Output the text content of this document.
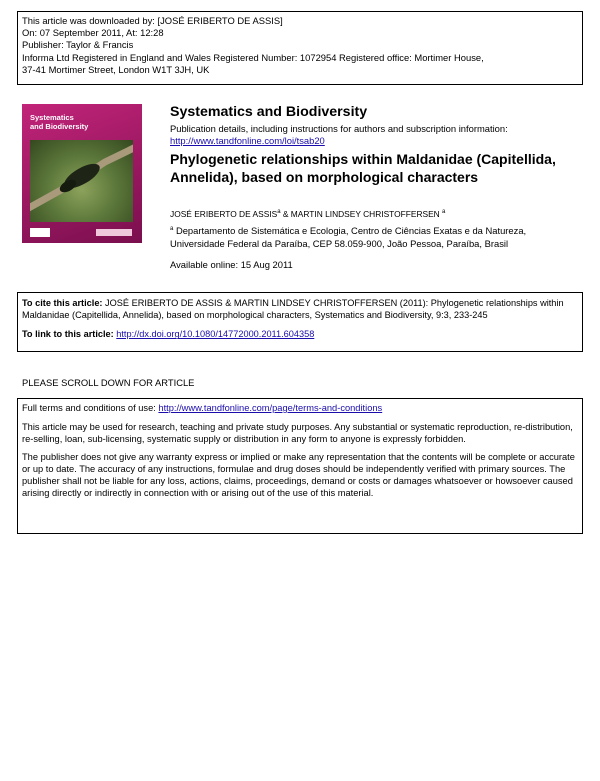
This article was downloaded by: [JOSÉ ERIBERTO DE ASSIS]
On: 07 September 2011, At: 12:28
Publisher: Taylor & Francis
Informa Ltd Registered in England and Wales Registered Number: 1072954 Registered office: Mortimer House,
37-41 Mortimer Street, London W1T 3JH, UK
Systematics
and Biodiversity
Systematics and Biodiversity
Publication details, including instructions for authors and subscription information:
http://www.tandfonline.com/loi/tsab20
Phylogenetic relationships within Maldanidae (Capitellida, Annelida), based on morphological characters
JOSÉ ERIBERTO DE ASSIS$^a$ & MARTIN LINDSEY CHRISTOFFERSEN $^a$
$^a$ Departamento de Sistemática e Ecologia, Centro de Ciências Exatas e da Natureza,
Universidade Federal da Paraíba, CEP 58.059-900, João Pessoa, Paraíba, Brasil
Available online: 15 Aug 2011
To cite this article: JOSÉ ERIBERTO DE ASSIS & MARTIN LINDSEY CHRISTOFFERSEN (2011): Phylogenetic relationships within Maldanidae (Capitellida, Annelida), based on morphological characters, Systematics and Biodiversity, 9:3, 233-245
To link to this article: http://dx.doi.org/10.1080/14772000.2011.604358
PLEASE SCROLL DOWN FOR ARTICLE

Full terms and conditions of use: http://www.tandfonline.com/page/terms-and-conditions

This article may be used for research, teaching and private study purposes. Any substantial or systematic reproduction, re-distribution, re-selling, loan, sub-licensing, systematic supply or distribution in any form to anyone is expressly forbidden.

The publisher does not give any warranty express or implied or make any representation that the contents will be complete or accurate or up to date. The accuracy of any instructions, formulae and drug doses should be independently verified with primary sources. The publisher shall not be liable for any loss, actions, claims, proceedings, demand or costs or damages whatsoever or howsoever caused arising directly or indirectly in connection with or arising out of the use of this material.
